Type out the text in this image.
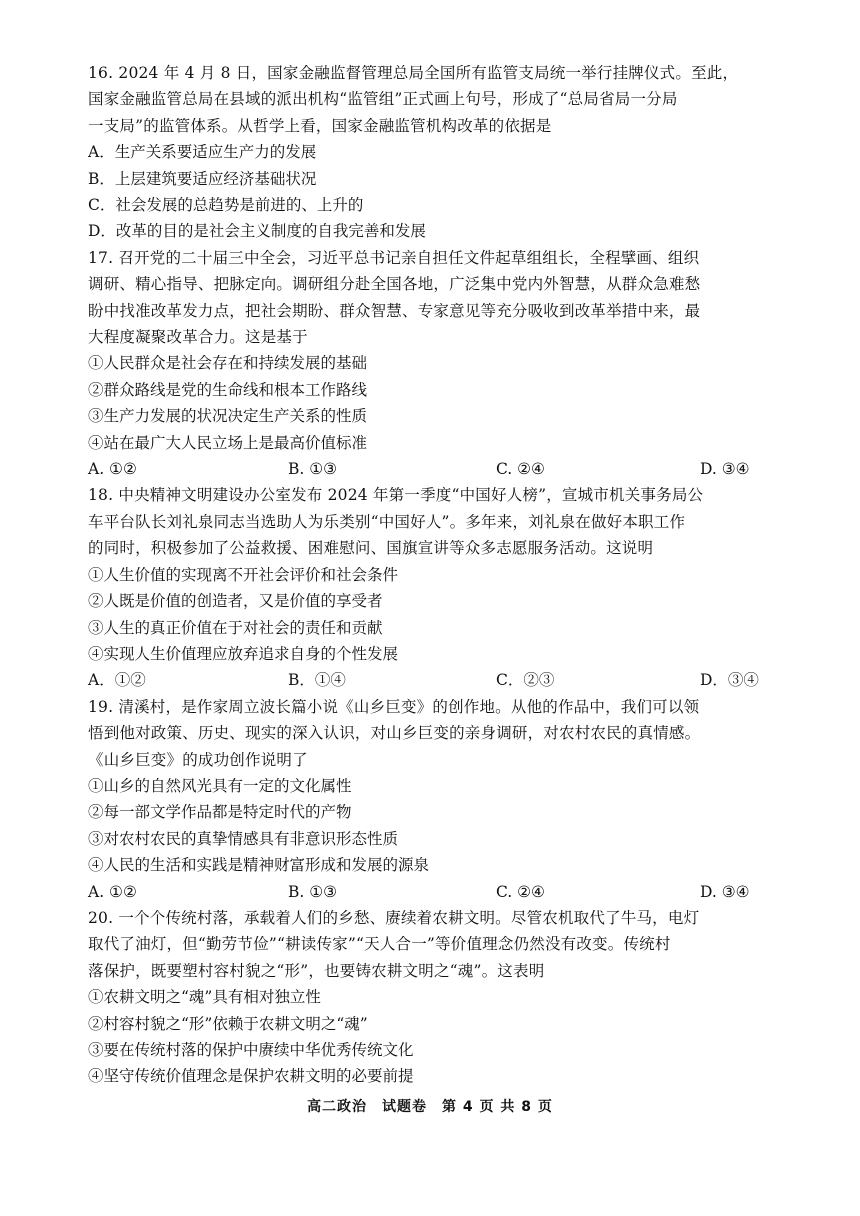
16. 2024 年 4 月 8 日，国家金融监督管理总局全国所有监管支局统一举行挂牌仪式。至此，
国家金融监管总局在县域的派出机构“监管组”正式画上句号，形成了“总局省局一分局
一支局”的监管体系。从哲学上看，国家金融监管机构改革的依据是
A．生产关系要适应生产力的发展
B．上层建筑要适应经济基础状况
C．社会发展的总趋势是前进的、上升的
D．改革的目的是社会主义制度的自我完善和发展
17. 召开党的二十届三中全会，习近平总书记亲自担任文件起草组组长，全程擘画、组织
调研、精心指导、把脉定向。调研组分赴全国各地，广泛集中党内外智慧，从群众急难愁
盼中找准改革发力点，把社会期盼、群众智慧、专家意见等充分吸收到改革举措中来，最
大程度凝聚改革合力。这是基于
①人民群众是社会存在和持续发展的基础
②群众路线是党的生命线和根本工作路线
③生产力发展的状况决定生产关系的性质
④站在最广大人民立场上是最高价值标准
A. ①②	B. ①③	C. ②④	D. ③④
18. 中央精神文明建设办公室发布 2024 年第一季度“中国好人榜”，宣城市机关事务局公
车平台队长刘礼泉同志当选助人为乐类别“中国好人”。多年来，刘礼泉在做好本职工作
的同时，积极参加了公益救援、困难慰问、国旗宣讲等众多志愿服务活动。这说明
①人生价值的实现离不开社会评价和社会条件
②人既是价值的创造者，又是价值的享受者
③人生的真正价值在于对社会的责任和贡献
④实现人生价值理应放弃追求自身的个性发展
A．①②	B．①④	C．②③	D．③④
19. 清溪村，是作家周立波长篇小说《山乡巨变》的创作地。从他的作品中，我们可以领
悟到他对政策、历史、现实的深入认识，对山乡巨变的亲身调研，对农村农民的真情感。
《山乡巨变》的成功创作说明了
①山乡的自然风光具有一定的文化属性
②每一部文学作品都是特定时代的产物
③对农村农民的真挚情感具有非意识形态性质
④人民的生活和实践是精神财富形成和发展的源泉
A. ①②	B. ①③	C. ②④	D. ③④
20. 一个个传统村落，承载着人们的乡愁、赓续着农耕文明。尽管农机取代了牛马，电灯
取代了油灯，但“勤劳节俭”“耕读传家”“天人合一”等价值理念仍然没有改变。传统村
落保护，既要塑村容村貌之“形”，也要铸农耕文明之“魂”。这表明
①农耕文明之“魂”具有相对独立性
②村容村貌之“形”依赖于农耕文明之“魂”
③要在传统村落的保护中赓续中华优秀传统文化
④坚守传统价值理念是保护农耕文明的必要前提
高二政治　试题卷　第 4 页 共 8 页
